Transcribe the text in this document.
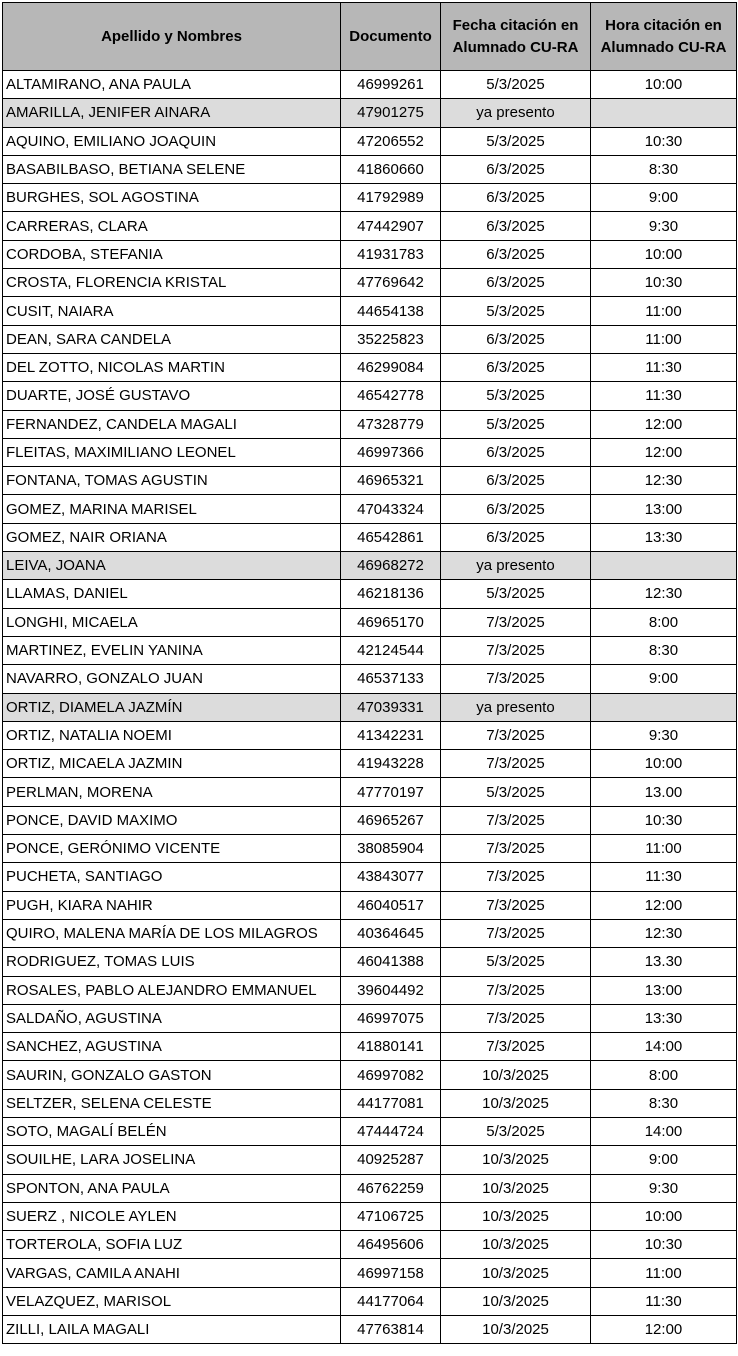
Apellido y Nombres	Documento	Fecha citación en Alumnado CU-RA	Hora citación en Alumnado CU-RA
ALTAMIRANO, ANA PAULA	46999261	5/3/2025	10:00
AMARILLA, JENIFER AINARA	47901275	ya presento	
AQUINO, EMILIANO JOAQUIN	47206552	5/3/2025	10:30
BASABILBASO, BETIANA SELENE	41860660	6/3/2025	8:30
BURGHES, SOL AGOSTINA	41792989	6/3/2025	9:00
CARRERAS, CLARA	47442907	6/3/2025	9:30
CORDOBA, STEFANIA	41931783	6/3/2025	10:00
CROSTA, FLORENCIA KRISTAL	47769642	6/3/2025	10:30
CUSIT, NAIARA	44654138	5/3/2025	11:00
DEAN, SARA CANDELA	35225823	6/3/2025	11:00
DEL ZOTTO, NICOLAS MARTIN	46299084	6/3/2025	11:30
DUARTE, JOSÉ GUSTAVO	46542778	5/3/2025	11:30
FERNANDEZ, CANDELA MAGALI	47328779	5/3/2025	12:00
FLEITAS, MAXIMILIANO LEONEL	46997366	6/3/2025	12:00
FONTANA, TOMAS AGUSTIN	46965321	6/3/2025	12:30
GOMEZ, MARINA MARISEL	47043324	6/3/2025	13:00
GOMEZ, NAIR ORIANA	46542861	6/3/2025	13:30
LEIVA, JOANA	46968272	ya presento	
LLAMAS, DANIEL	46218136	5/3/2025	12:30
LONGHI, MICAELA	46965170	7/3/2025	8:00
MARTINEZ, EVELIN YANINA	42124544	7/3/2025	8:30
NAVARRO, GONZALO JUAN	46537133	7/3/2025	9:00
ORTIZ, DIAMELA JAZMÍN	47039331	ya presento	
ORTIZ, NATALIA NOEMI	41342231	7/3/2025	9:30
ORTIZ, MICAELA JAZMIN	41943228	7/3/2025	10:00
PERLMAN, MORENA	47770197	5/3/2025	13.00
PONCE, DAVID MAXIMO	46965267	7/3/2025	10:30
PONCE, GERÓNIMO VICENTE	38085904	7/3/2025	11:00
PUCHETA, SANTIAGO	43843077	7/3/2025	11:30
PUGH, KIARA NAHIR	46040517	7/3/2025	12:00
QUIRO, MALENA MARÍA DE LOS MILAGROS	40364645	7/3/2025	12:30
RODRIGUEZ, TOMAS LUIS	46041388	5/3/2025	13.30
ROSALES, PABLO ALEJANDRO EMMANUEL	39604492	7/3/2025	13:00
SALDAÑO, AGUSTINA	46997075	7/3/2025	13:30
SANCHEZ, AGUSTINA	41880141	7/3/2025	14:00
SAURIN, GONZALO GASTON	46997082	10/3/2025	8:00
SELTZER, SELENA CELESTE	44177081	10/3/2025	8:30
SOTO, MAGALÍ BELÉN	47444724	5/3/2025	14:00
SOUILHE, LARA JOSELINA	40925287	10/3/2025	9:00
SPONTON, ANA PAULA	46762259	10/3/2025	9:30
SUERZ , NICOLE AYLEN	47106725	10/3/2025	10:00
TORTEROLA, SOFIA LUZ	46495606	10/3/2025	10:30
VARGAS, CAMILA ANAHI	46997158	10/3/2025	11:00
VELAZQUEZ, MARISOL	44177064	10/3/2025	11:30
ZILLI, LAILA MAGALI	47763814	10/3/2025	12:00
